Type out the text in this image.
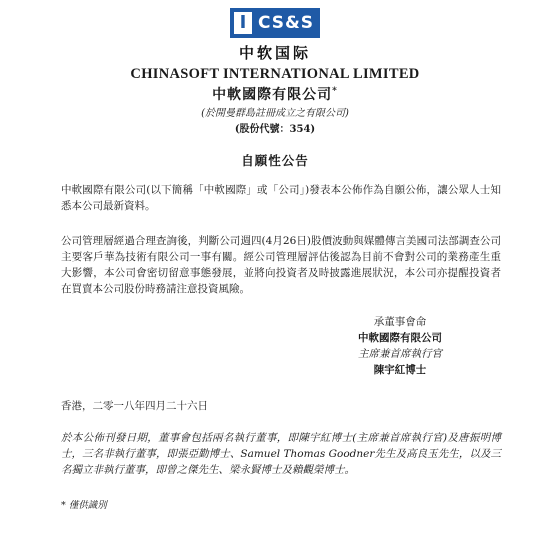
I CS&S
中软国际
CHINASOFT INTERNATIONAL LIMITED
中軟國際有限公司*
(於開曼群島註冊成立之有限公司)
(股份代號：354)
自願性公告

中軟國際有限公司(以下簡稱「中軟國際」或「公司」)發表本公佈作為自願公佈，讓公眾人士知悉本公司最新資料。

公司管理層經過合理查詢後，判斷公司週四(4月26日)股價波動與媒體傳言美國司法部調查公司主要客戶華為技術有限公司一事有關。經公司管理層評估後認為目前不會對公司的業務產生重大影響，本公司會密切留意事態發展，並將向投資者及時披露進展狀況，本公司亦提醒投資者在買賣本公司股份時務請注意投資風險。

承董事會命
中軟國際有限公司
主席兼首席執行官
陳宇紅博士
香港，二零一八年四月二十六日

於本公佈刊發日期，董事會包括兩名執行董事，即陳宇紅博士(主席兼首席執行官)及唐振明博士，三名非執行董事，即張亞勤博士、Samuel Thomas Goodner先生及高良玉先生，以及三名獨立非執行董事，即曾之傑先生、梁永賢博士及賴觀榮博士。

* 僅供識別
